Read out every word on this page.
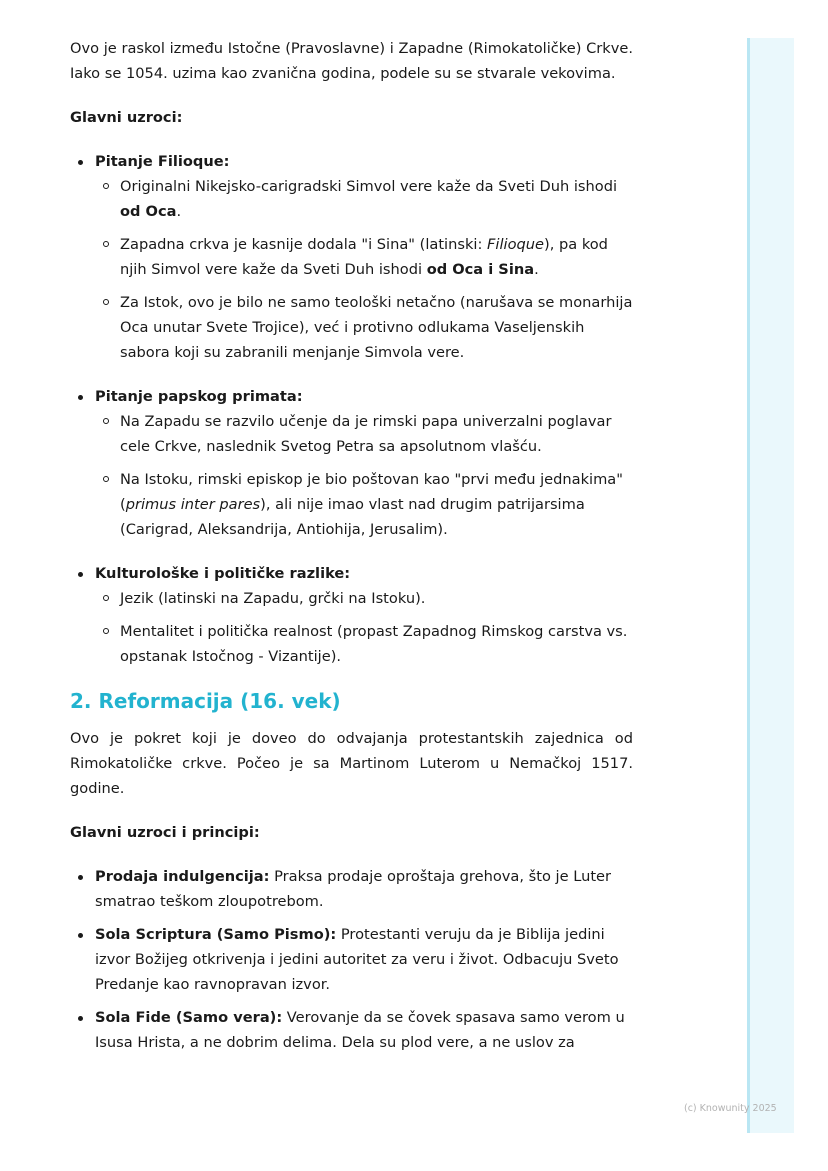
(c) Knowunity 2025

Ovo je raskol između Istočne (Pravoslavne) i Zapadne (Rimokatoličke) Crkve. Iako se 1054. uzima kao zvanična godina, podele su se stvarale vekovima.

Glavni uzroci:

Pitanje Filioque:
Originalni Nikejsko-carigradski Simvol vere kaže da Sveti Duh ishodi od Oca.
Zapadna crkva je kasnije dodala "i Sina" (latinski: Filioque), pa kod njih Simvol vere kaže da Sveti Duh ishodi od Oca i Sina.
Za Istok, ovo je bilo ne samo teološki netačno (narušava se monarhija Oca unutar Svete Trojice), već i protivno odlukama Vaseljenskih sabora koji su zabranili menjanje Simvola vere.
Pitanje papskog primata:
Na Zapadu se razvilo učenje da je rimski papa univerzalni poglavar cele Crkve, naslednik Svetog Petra sa apsolutnom vlašću.
Na Istoku, rimski episkop je bio poštovan kao "prvi među jednakima" (primus inter pares), ali nije imao vlast nad drugim patrijarsima (Carigrad, Aleksandrija, Antiohija, Jerusalim).
Kulturološke i političke razlike:
Jezik (latinski na Zapadu, grčki na Istoku).
Mentalitet i politička realnost (propast Zapadnog Rimskog carstva vs. opstanak Istočnog - Vizantije).
2. Reformacija (16. vek)

Ovo je pokret koji je doveo do odvajanja protestantskih zajednica od Rimokatoličke crkve. Počeo je sa Martinom Luterom u Nemačkoj 1517. godine.

Glavni uzroci i principi:

Prodaja indulgencija: Praksa prodaje oproštaja grehova, što je Luter smatrao teškom zloupotrebom.
Sola Scriptura (Samo Pismo): Protestanti veruju da je Biblija jedini izvor Božijeg otkrivenja i jedini autoritet za veru i život. Odbacuju Sveto Predanje kao ravnopravan izvor.
Sola Fide (Samo vera): Verovanje da se čovek spasava samo verom u Isusa Hrista, a ne dobrim delima. Dela su plod vere, a ne uslov za
